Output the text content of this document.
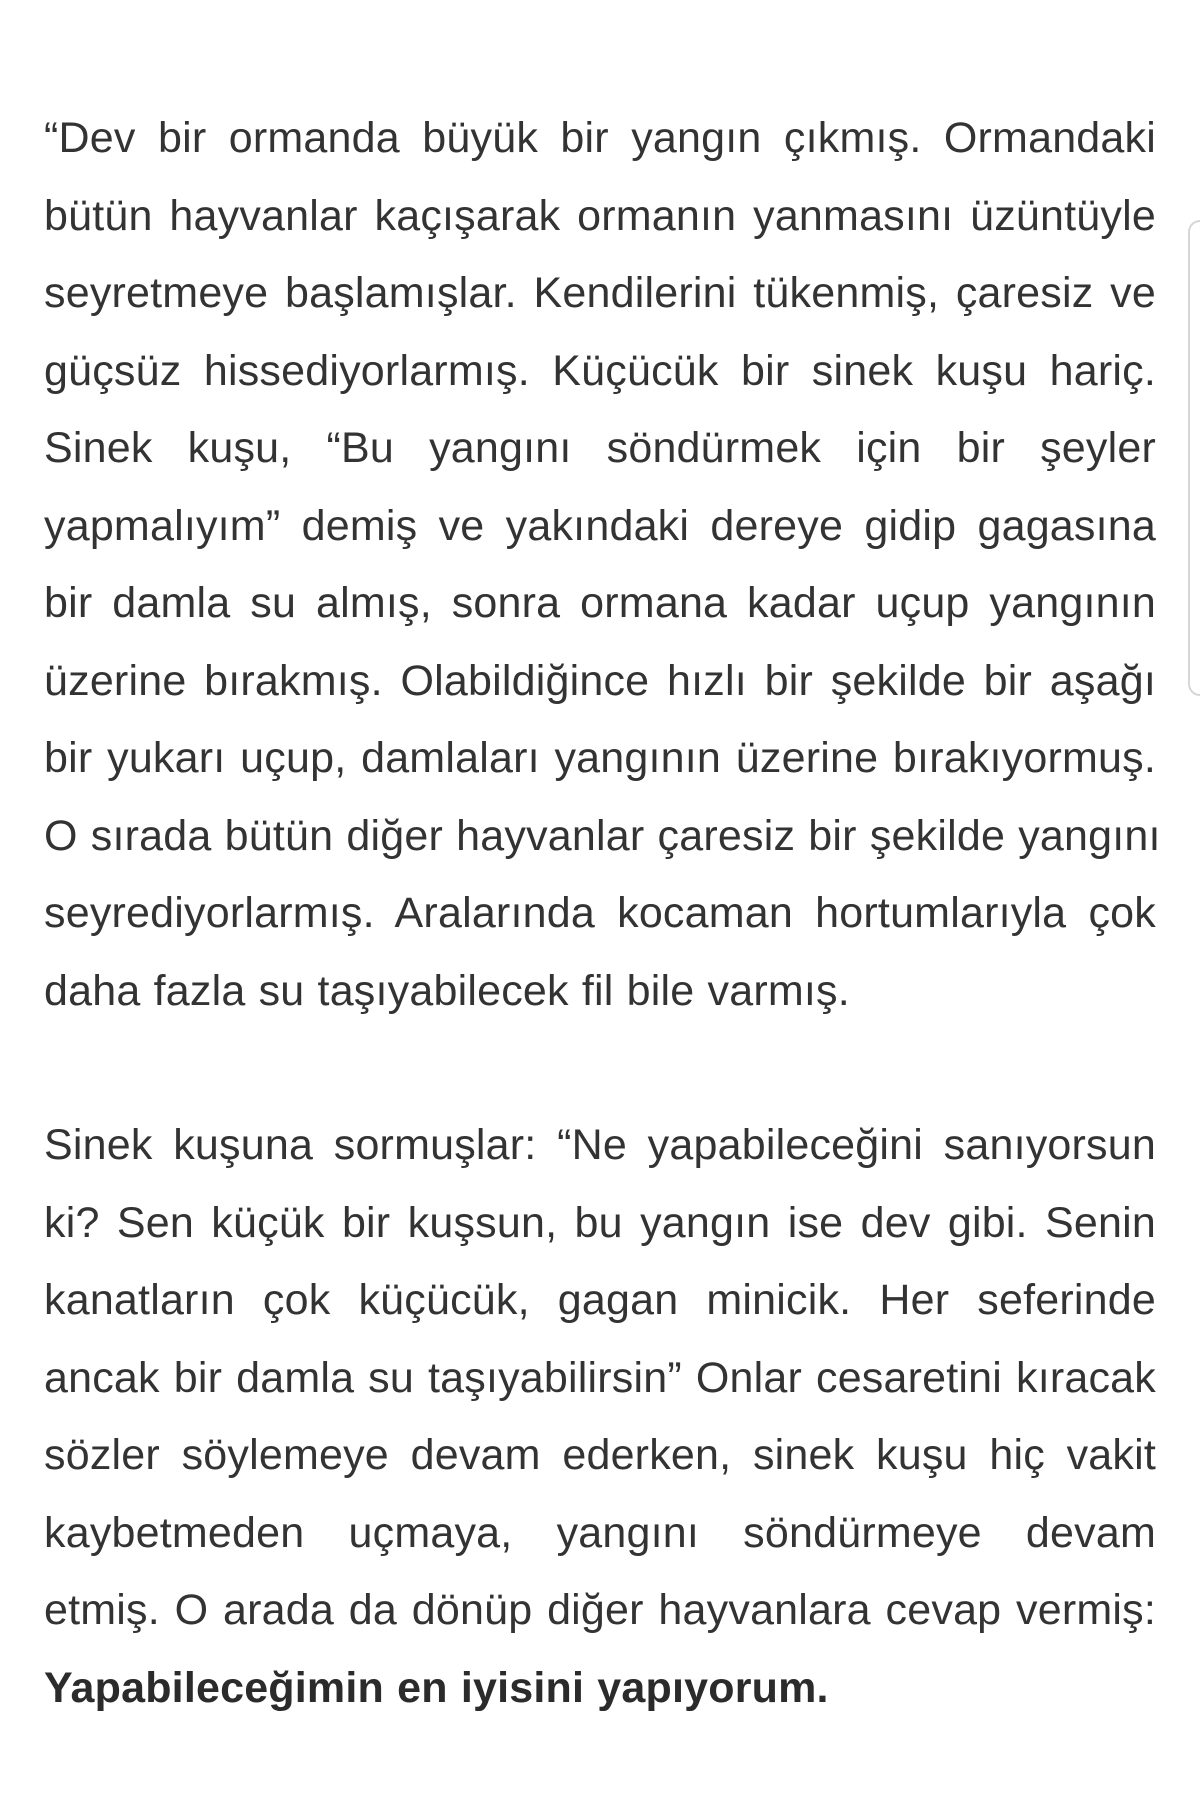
“Dev bir ormanda büyük bir yangın çıkmış. Ormandaki
bütün hayvanlar kaçışarak ormanın yanmasını üzüntüyle
seyretmeye başlamışlar. Kendilerini tükenmiş, çaresiz ve
güçsüz hissediyorlarmış. Küçücük bir sinek kuşu hariç.
Sinek kuşu, “Bu yangını söndürmek için bir şeyler
yapmalıyım” demiş ve yakındaki dereye gidip gagasına
bir damla su almış, sonra ormana kadar uçup yangının
üzerine bırakmış. Olabildiğince hızlı bir şekilde bir aşağı
bir yukarı uçup, damlaları yangının üzerine bırakıyormuş.
O sırada bütün diğer hayvanlar çaresiz bir şekilde yangını
seyrediyorlarmış. Aralarında kocaman hortumlarıyla çok
daha fazla su taşıyabilecek fil bile varmış.

Sinek kuşuna sormuşlar: “Ne yapabileceğini sanıyorsun
ki? Sen küçük bir kuşsun, bu yangın ise dev gibi. Senin
kanatların çok küçücük, gagan minicik. Her seferinde
ancak bir damla su taşıyabilirsin” Onlar cesaretini kıracak
sözler söylemeye devam ederken, sinek kuşu hiç vakit
kaybetmeden uçmaya, yangını söndürmeye devam
etmiş. O arada da dönüp diğer hayvanlara cevap vermiş:
Yapabileceğimin en iyisini yapıyorum.
